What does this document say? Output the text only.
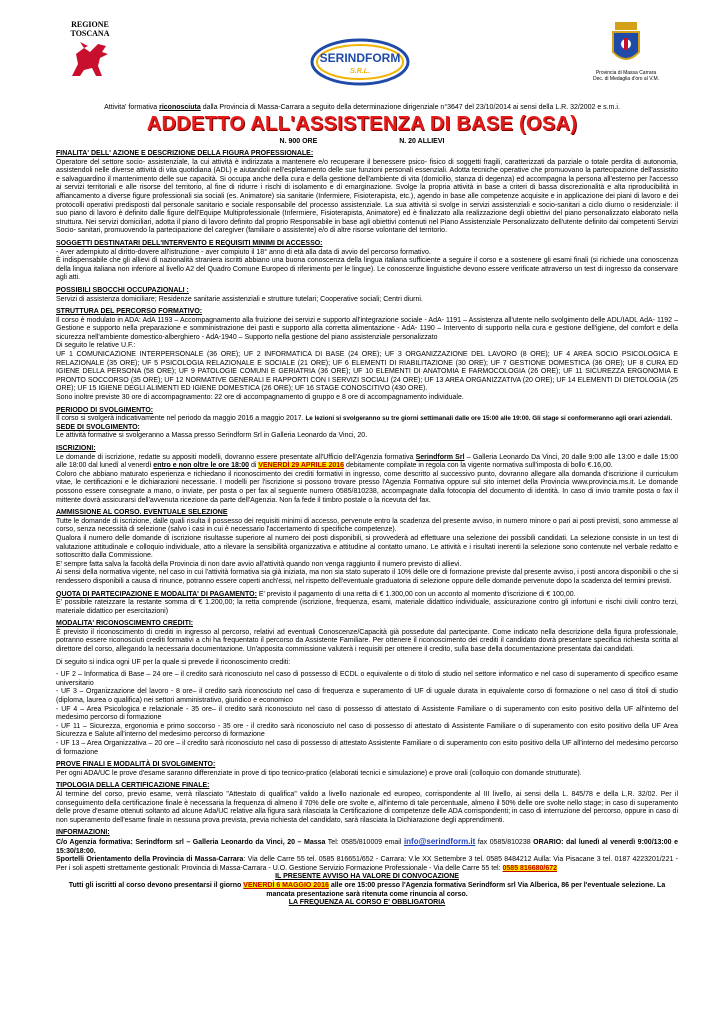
REGIONE
TOSCANA
SERINDFORM
S.R.L.	Provincia di Massa Carrara
Dec. di Medaglia d'oro al V.M.
Attivita' formativa riconosciuta dalla Provincia di Massa-Carrara a seguito della determinazione dirigenziale n°3647 del 23/10/2014 ai sensi della L.R. 32/2002 e s.m.i.
ADDETTO ALL'ASSISTENZA DI BASE (OSA)
N. 900 ORE	N. 20 ALLIEVI

FINALITA' DELL' AZIONE E DESCRIZIONE DELLA FIGURA PROFESSIONALE:

Operatore del settore socio- assistenziale, la cui attività è indirizzata a mantenere e/o recuperare il benessere psico- fisico di soggetti fragili, caratterizzati da parziale o totale perdita di autonomia, assistendoli nelle diverse attività di vita quotidiana (ADL) e aiutandoli nell'espletamento delle sue funzioni personali essenziali. Adotta tecniche operative che promuovano la partecipazione dell'assistito e salvaguardino il mantenimento delle sue capacità. Si occupa anche della cura e della gestione dell'ambiente di vita (domicilio, stanza di degenza) ed accompagna la persona all'esterno per l'accesso ai servizi territoriali e alle risorse del territorio, al fine di ridurre i rischi di isolamento e di emarginazione. Svolge la propria attività in base a criteri di bassa discrezionalità e alta riproducibilità in affiancamento a diverse figure professionali sia sociali (es. Animatore) sia sanitarie (Infermiere, Fisioterapista, etc.), agendo in base alle competenze acquisite e in applicazione dei piani di lavoro e dei protocolli operativi predisposti dal personale sanitario e sociale responsabile del processo assistenziale. La sua attività si svolge in servizi assistenziali e socio-sanitari a ciclo diurno o residenziale: il suo piano di lavoro è definito dalle figure dell'Equipe Multiprofessionale (Infermiere, Fisioterapista, Animatore) ed è finalizzato alla realizzazione degli obiettivi del piano personalizzato elaborato nella struttura. Nei servizi domiciliari, adotta il piano di lavoro definito dal proprio Responsabile in base agli obiettivi contenuti nel Piano Assistenziale Personalizzato dell'utente definito dai competenti Servizi Socio- sanitari, promuovendo la partecipazione del caregiver (familiare o assistente) e/o di altre risorse volontarie del territorio.

SOGGETTI DESTINATARI DELL'INTERVENTO E REQUISITI MINIMI DI ACCESSO:

- Aver adempiuto al diritto-dovere all'istruzione - aver compiuto il 18° anno di età alla data di avvio del percorso formativo.

È indispensabile che gli allievi di nazionalità straniera iscritti abbiano una buona conoscenza della lingua italiana sufficiente a seguire il corso e a sostenere gli esami finali (si richiede una conoscenza della lingua italiana non inferiore al livello A2 del Quadro Comune Europeo di riferimento per le lingue). Le conoscenze linguistiche devono essere verificate attraverso un test di ingresso da conservare agli atti.

POSSIBILI SBOCCHI OCCUPAZIONALI :

Servizi di assistenza domiciliare; Residenze sanitarie assistenziali e strutture tutelari; Cooperative sociali; Centri diurni.

STRUTTURA DEL PERCORSO FORMATIVO:

Il corso è modulato in ADA: AdA 1193 – Accompagnamento alla fruizione dei servizi e supporto all'integrazione sociale - AdA- 1191 – Assistenza all'utente nello svolgimento delle ADL/IADL AdA- 1192 – Gestione e supporto nella preparazione e somministrazione dei pasti e supporto alla corretta alimentazione - AdA- 1190 – Intervento di supporto nella cura e gestione dell'igiene, del comfort e della sicurezza nell'ambiente domestico-alberghiero - AdA-1940 – Supporto nella gestione del piano assistenziale personalizzato

Di seguito le relative U.F.:

UF 1 COMUNICAZIONE INTERPERSONALE (36 ORE); UF 2 INFORMATICA DI BASE (24 ORE); UF 3 ORGANIZZAZIONE DEL LAVORO (8 ORE); UF 4 AREA SOCIO PSICOLOGICA E RELAZIONALE (35 ORE); UF 5 PSICOLOGIA RELAZIONALE E SOCIALE (21 ORE); UF 6 ELEMENTI DI RIABILITAZIONE (30 ORE); UF 7 GESTIONE DOMESTICA (36 ORE); UF 8 CURA ED IGIENE DELLA PERSONA (58 ORE); UF 9 PATOLOGIE COMUNI E GERIATRIA (36 ORE); UF 10 ELEMENTI DI ANATOMIA E FARMOCOLOGIA (26 ORE); UF 11 SICUREZZA ERGONOMIA E PRONTO SOCCORSO (35 ORE); UF 12 NORMATIVE GENERALI E RAPPORTI CON I SERVIZI SOCIALI (24 ORE); UF 13 AREA ORGANIZZATIVA (20 ORE); UF 14 ELEMENTI DI DIETOLOGIA (25 ORE); UF 15 IGIENE DEGLI ALIMENTI ED IGIENE DOMESTICA (26 ORE); UF 16 STAGE CONOSCITIVO (430 ORE).

Sono inoltre previste 30 ore di accompagnamento: 22 ore di accompagnamento di gruppo e 8 ore di accompagnamento individuale.

PERIODO DI SVOLGIMENTO:

Il corso si svolgerà indicativamente nel periodo da maggio 2016 a maggio 2017. Le lezioni si svolgeranno su tre giorni settimanali dalle ore 15:00 alle 19:00. Gli stage si conformeranno agli orari aziendali.

SEDE DI SVOLGIMENTO:

Le attività formative si svolgeranno a Massa presso Serindform Srl in Galleria Leonardo da Vinci, 20.

ISCRIZIONI:

Le domande di iscrizione, redatte su appositi modelli, dovranno essere presentate all'Ufficio dell'Agenzia formativa Serindform Srl – Galleria Leonardo Da Vinci, 20 dalle 9:00 alle 13:00 e dalle 15:00 alle 18:00 dal lunedì al venerdì entro e non oltre le ore 18:00 di VENERDÌ 29 APRILE 2016 debitamente compilate in regola con la vigente normativa sull'imposta di bollo €.16,00.

Coloro che abbiano maturato esperienza e richiedano il riconoscimento dei crediti formativi in ingresso, come descritto al successivo punto, dovranno allegare alla domanda d'iscrizione il curriculum vitae, le certificazioni e le dichiarazioni necessarie. I modelli per l'iscrizione si possono trovare presso l'Agenzia Formativa oppure sul sito internet della Provincia www.provincia.ms.it. Le domande possono essere consegnate a mano, o inviate, per posta o per fax al seguente numero 0585/810238, accompagnate dalla fotocopia del documento di identità. In caso di invio tramite posta o fax il mittente dovrà assicurarsi dell'avvenuta ricezione da parte dell'Agenzia. Non fa fede il timbro postale o la ricevuta del fax.

AMMISSIONE AL CORSO. EVENTUALE SELEZIONE

Tutte le domande di iscrizione, dalle quali risulta il possesso dei requisiti minimi di accesso, pervenute entro la scadenza del presente avviso, in numero minore o pari ai posti previsti, sono ammesse al corso, senza necessità di selezione (salvo i casi in cui è necessario l'accertamento di specifiche competenze).

Qualora il numero delle domande di iscrizione risultasse superiore al numero dei posti disponibili, si provvederà ad effettuare una selezione dei possibili candidati. La selezione consiste in un test di valutazione attitudinale e colloquio individuale, atto a rilevare la sensibilità organizzativa e attitudine al contatto umano. Le attività e i risultati inerenti la selezione sono contenute nel verbale redatto e sottoscritto dalla Commissione.

E' sempre fatta salva la facoltà della Provincia di non dare avvio all'attività quando non venga raggiunto il numero previsto di allievi.

Ai sensi della normativa vigente, nel caso in cui l'attività formativa sia già iniziata, ma non sia stato superato il 10% delle ore di formazione previste dal presente avviso, i posti ancora disponibili o che si rendessero disponibili a causa di rinunce, potranno essere coperti anch'essi, nel rispetto dell'eventuale graduatoria di selezione oppure delle domande pervenute dopo la scadenza del termini previsti.

QUOTA DI PARTECIPAZIONE E MODALITA' DI PAGAMENTO: E' previsto il pagamento di una retta di € 1.300,00 con un acconto al momento d'iscrizione di € 100,00.

E' possibile rateizzare la restante somma di € 1.200,00; la retta comprende (iscrizione, frequenza, esami, materiale didattico individuale, assicurazione contro gli infortuni e rischi civili contro terzi, materiale didattico per esercitazioni)

MODALITA' RICONOSCIMENTO CREDITI:

È previsto il riconoscimento di crediti in ingresso al percorso, relativi ad eventuali Conoscenze/Capacità già possedute dal partecipante. Come indicato nella descrizione della figura professionale, potranno essere riconosciuti crediti formativi a chi ha frequentato il percorso da Assistente Familiare. Per ottenere il riconoscimento dei crediti il candidato dovrà presentare specifica richiesta scritta al direttore del corso, allegando la necessaria documentazione. Un'apposita commissione valuterà i requisiti per ottenere il credito, sulla base della documentazione presentata dai candidati.

Di seguito si indica ogni UF per la quale si prevede il riconoscimento crediti:

- UF 2 – Informatica di Base – 24 ore – il credito sarà riconosciuto nel caso di possesso di ECDL o equivalente o di titolo di studio nel settore informatico e nel caso di superamento di specifico esame universitario

- UF 3 – Organizzazione del lavoro - 8 ore– il credito sarà riconosciuto nel caso di frequenza e superamento di UF di uguale durata in equivalente corso di formazione o nel caso di titoli di studio (diploma, laurea o qualifica) nei settori amministrativo, giuridico e economico

- UF 4 – Area Psicologica e relazionale - 35 ore– il credito sarà riconosciuto nel caso di possesso di attestato di Assistente Familiare o di superamento con esito positivo della UF all'interno del medesimo percorso di formazione

- UF 11 – Sicurezza, ergonomia e primo soccorso - 35 ore - il credito sarà riconosciuto nel caso di possesso di attestato di Assistente Familiare o di superamento con esito positivo della UF Area Sicurezza e Salute all'interno del medesimo percorso di formazione

- UF 13 – Area Organizzativa – 20 ore – il credito sarà riconosciuto nel caso di possesso di attestato Assistente Familiare o di superamento con esito positivo della UF all'interno del medesimo percorso di formazione

PROVE FINALI E MODALITÀ DI SVOLGIMENTO:

Per ogni ADA/UC le prove d'esame saranno differenziate in prove di tipo tecnico-pratico (elaborati tecnici e simulazione) e prove orali (colloquio con domande strutturate).

TIPOLOGIA DELLA CERTIFICAZIONE FINALE:

Al termine del corso, previo esame, verrà rilasciato "Attestato di qualifica" valido a livello nazionale ed europeo, corrispondente al III livello, ai sensi della L. 845/78 e della L.R. 32/02. Per il conseguimento della certificazione finale è necessaria la frequenza di almeno il 70% delle ore svolte e, all'interno di tale percentuale, almeno il 50% delle ore svolte nello stage; in caso di superamento delle prove d'esame ottenuti soltanto ad alcune Ada/UC relative alla figura sarà rilasciata la Certificazione di competenze delle ADA corrispondenti; in caso di interruzione del percorso, oppure in caso di non superamento dell'esame finale in nessuna prova prevista, previa richiesta del candidato, sarà rilasciata la Dichiarazione degli apprendimenti.

INFORMAZIONI:

C/o Agenzia formativa: Serindform srl – Galleria Leonardo da Vinci, 20 – Massa Tel: 0585/810009 email info@serindform.it fax 0585/810238 ORARIO: dal lunedì al venerdì 9:00/13:00 e 15:30/18:00.

Sportelli Orientamento della Provincia di Massa-Carrara: Via delle Carre 55 tel. 0585 816651/652 - Carrara: V.le XX Settembre 3 tel. 0585 8484212 Aulla: Via Pisacane 3 tel. 0187 4223201/221 - Per i soli aspetti strettamente gestionali: Provincia di Massa-Carrara - U.O. Gestione Servizio Formazione Professionale - Via delle Carre 55 tel: 0585 816680/672

IL PRESENTE AVVISO HA VALORE DI CONVOCAZIONE

Tutti gli iscritti al corso devono presentarsi il giorno VENERDÌ 6 MAGGIO 2016 alle ore 15:00 presso l'Agenzia formativa Serindform srl Via Alberica, 86 per l'eventuale selezione. La mancata presentazione sarà ritenuta come rinuncia al corso.

LA FREQUENZA AL CORSO E' OBBLIGATORIA
